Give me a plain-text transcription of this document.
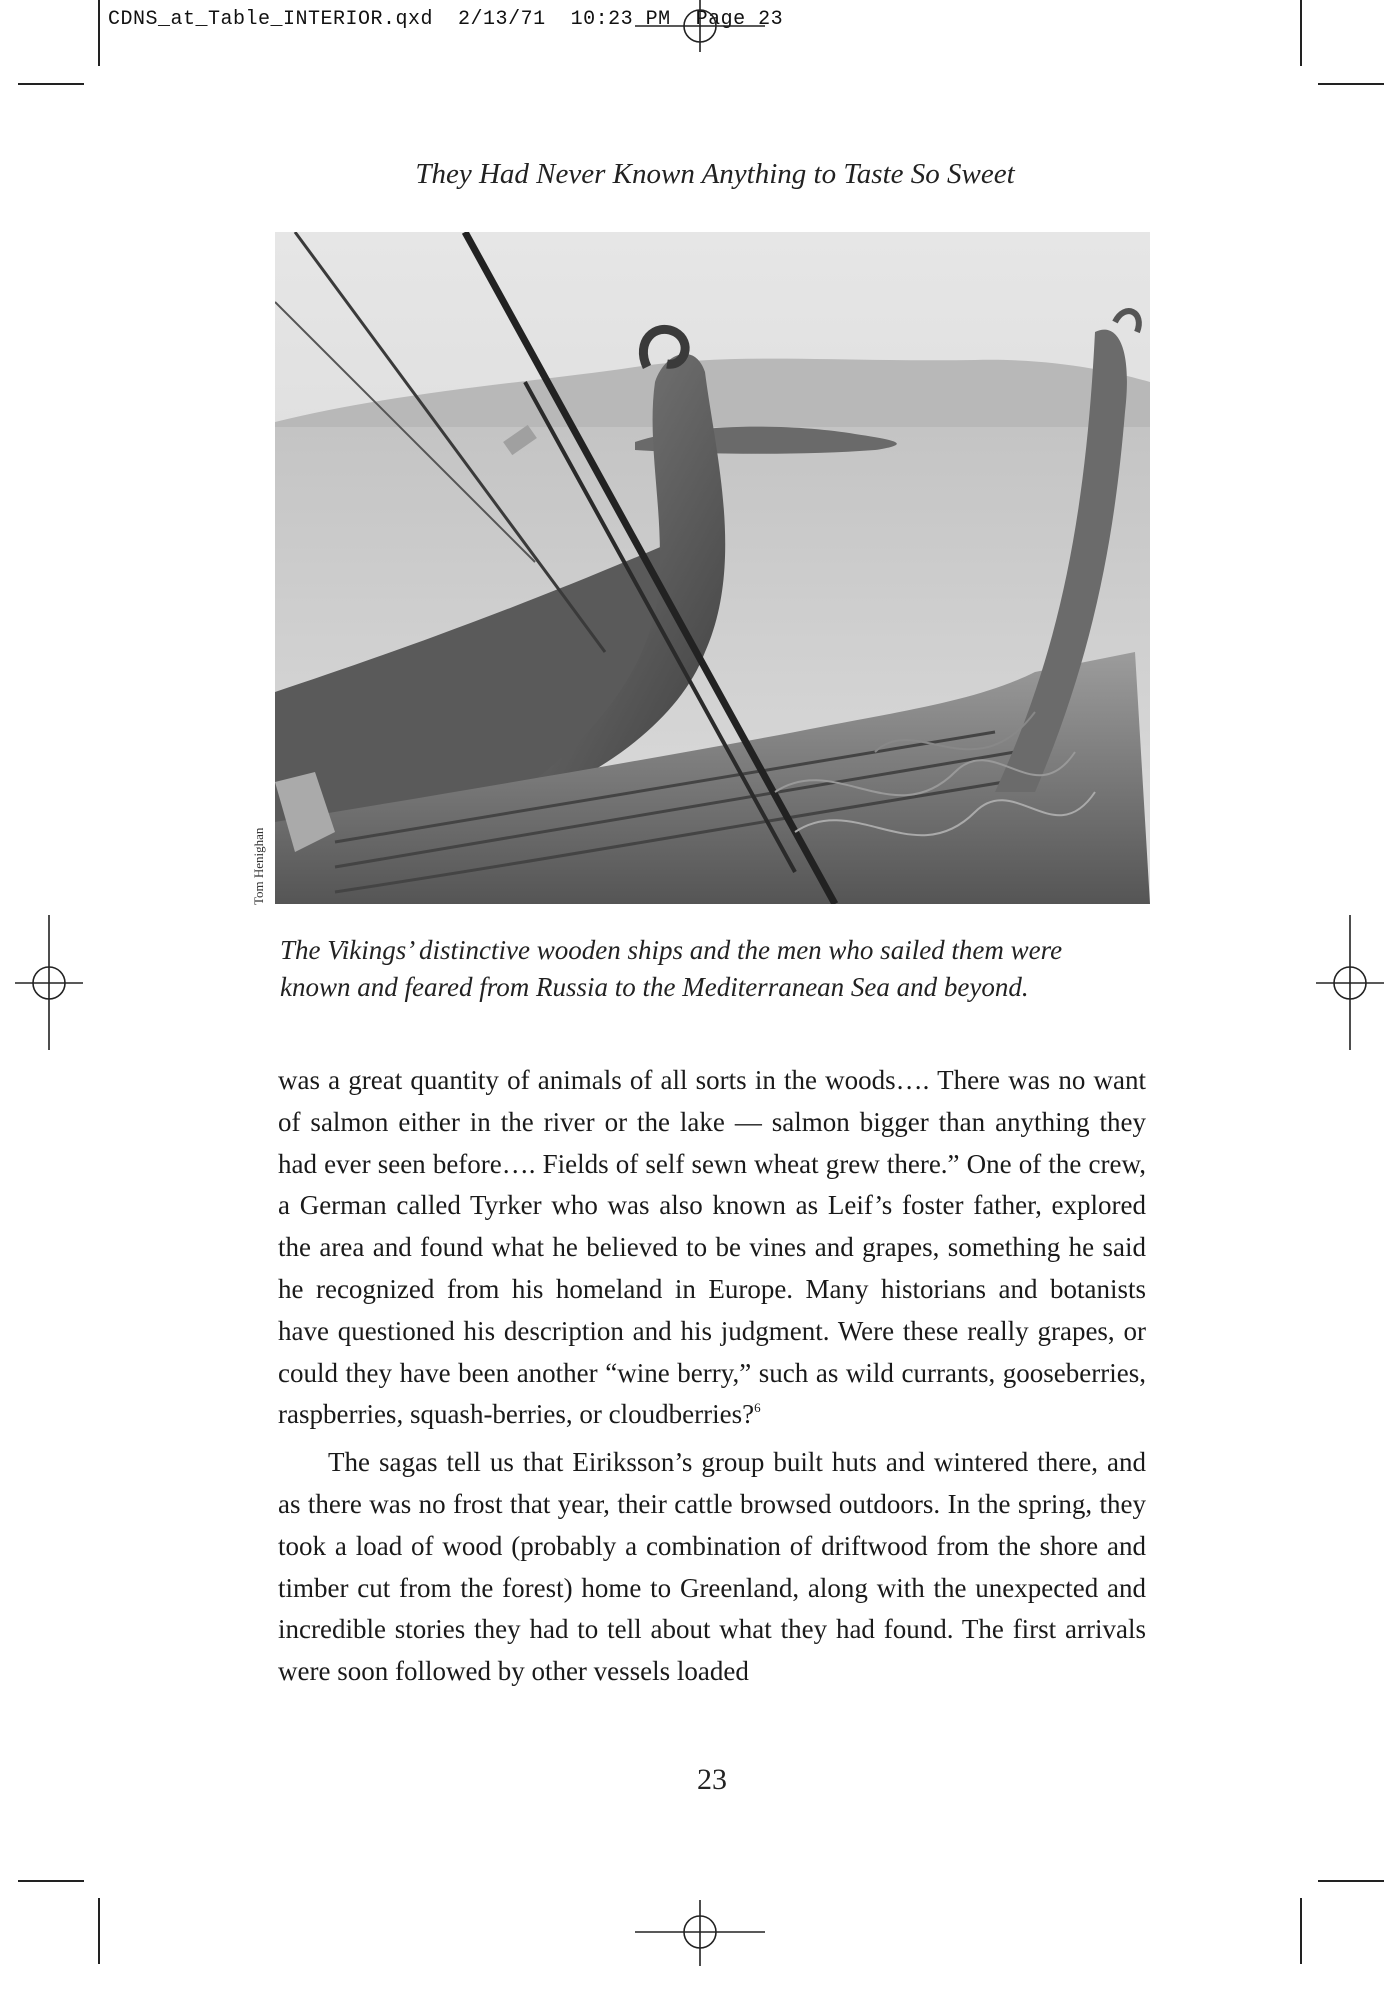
CDNS_at_Table_INTERIOR.qxd  2/13/71  10:23 PM  Page 23
They Had Never Known Anything to Taste So Sweet
Tom Henighan
The Vikings’ distinctive wooden ships and the men who sailed them were
known and feared from Russia to the Mediterranean Sea and beyond.

was a great quantity of animals of all sorts in the woods…. There was no want of salmon either in the river or the lake — salmon bigger than anything they had ever seen before…. Fields of self sewn wheat grew there.” One of the crew, a German called Tyrker who was also known as Leif’s foster father, explored the area and found what he believed to be vines and grapes, something he said he recognized from his homeland in Europe. Many historians and botanists have questioned his description and his judgment. Were these really grapes, or could they have been another “wine berry,” such as wild currants, gooseberries, raspberries, squash-berries, or cloudberries?$^6$

The sagas tell us that Eiriksson’s group built huts and wintered there, and as there was no frost that year, their cattle browsed outdoors. In the spring, they took a load of wood (probably a combination of driftwood from the shore and timber cut from the forest) home to Greenland, along with the unexpected and incredible stories they had to tell about what they had found. The first arrivals were soon followed by other vessels loaded

23
